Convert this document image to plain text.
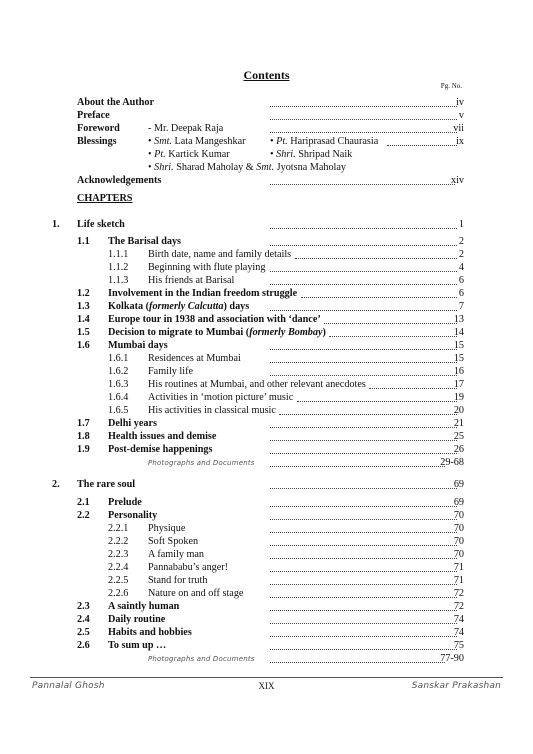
Contents
Pg. No.
About the Author	iv
Preface	v
Foreword	- Mr. Deepak Raja	vii
Blessings	• Smt. Lata Mangeshkar • Pt. Hariprasad Chaurasia	ix
• Pt. Kartick Kumar	• Shri. Shripad Naik
• Shri. Sharad Maholay & Smt. Jyotsna Maholay
Acknowledgements	xiv
CHAPTERS
1. Life sketch	1
1.1 The Barisal days	2
1.1.1 Birth date, name and family details	2
1.1.2 Beginning with flute playing	4
1.1.3 His friends at Barisal	6
1.2 Involvement in the Indian freedom struggle	6
1.3 Kolkata (formerly Calcutta) days	7
1.4 Europe tour in 1938 and association with ‘dance’	13
1.5 Decision to migrate to Mumbai (formerly Bombay)	14
1.6 Mumbai days	15
1.6.1 Residences at Mumbai	15
1.6.2 Family life	16
1.6.3 His routines at Mumbai, and other relevant anecdotes	17
1.6.4 Activities in ‘motion picture’ music	19
1.6.5 His activities in classical music	20
1.7 Delhi years	21
1.8 Health issues and demise	25
1.9 Post-demise happenings	26
Photographs and Documents	29-68
2. The rare soul	69
2.1 Prelude	69
2.2 Personality	70
2.2.1 Physique	70
2.2.2 Soft Spoken	70
2.2.3 A family man	70
2.2.4 Pannababu’s anger!	71
2.2.5 Stand for truth	71
2.2.6 Nature on and off stage	72
2.3 A saintly human	72
2.4 Daily routine	74
2.5 Habits and hobbies	74
2.6 To sum up …	75
Photographs and Documents	77-90
Pannalal Ghosh	XIX	Sanskar Prakashan
